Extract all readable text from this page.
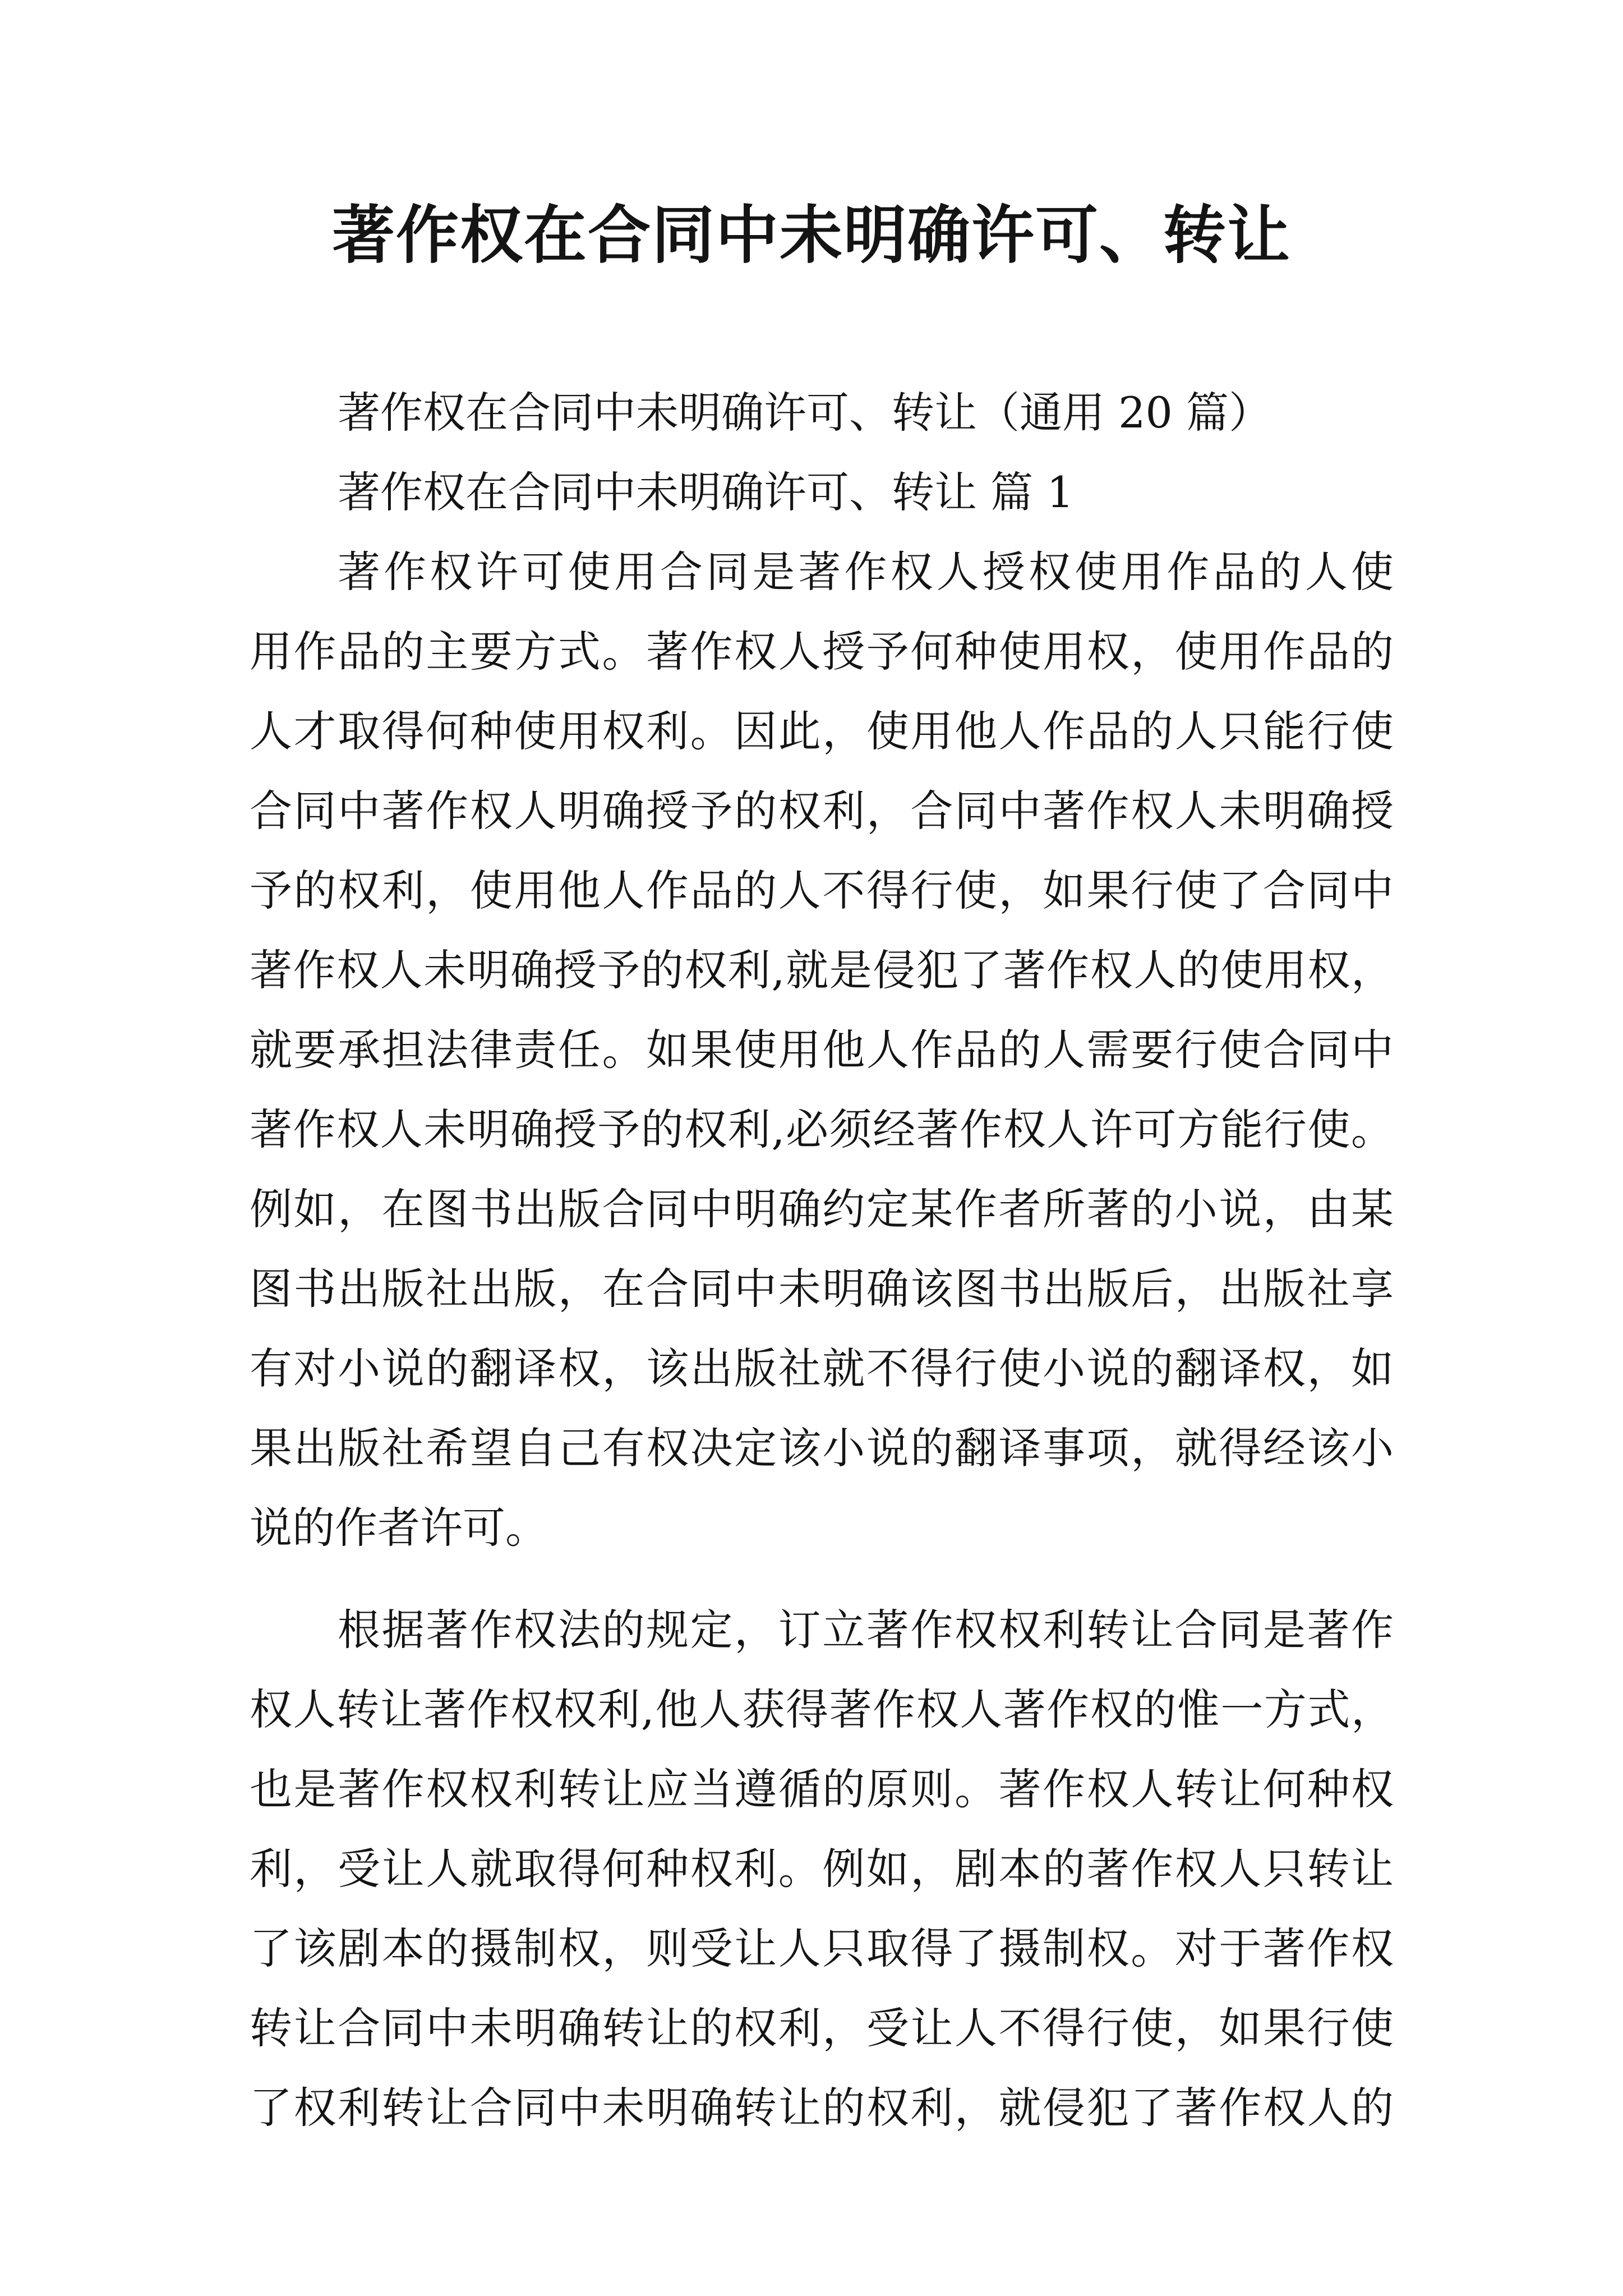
著作权在合同中未明确许可、转让
著作权在合同中未明确许可、转让（通用 20 篇）
著作权在合同中未明确许可、转让 篇 1
著作权许可使用合同是著作权人授权使用作品的人使
用作品的主要方式。著作权人授予何种使用权，使用作品的
人才取得何种使用权利。因此，使用他人作品的人只能行使
合同中著作权人明确授予的权利，合同中著作权人未明确授
予的权利，使用他人作品的人不得行使，如果行使了合同中
著作权人未明确授予的权利,就是侵犯了著作权人的使用权，
就要承担法律责任。如果使用他人作品的人需要行使合同中
著作权人未明确授予的权利,必须经著作权人许可方能行使。
例如，在图书出版合同中明确约定某作者所著的小说，由某
图书出版社出版，在合同中未明确该图书出版后，出版社享
有对小说的翻译权，该出版社就不得行使小说的翻译权，如
果出版社希望自己有权决定该小说的翻译事项，就得经该小
说的作者许可。
根据著作权法的规定，订立著作权权利转让合同是著作
权人转让著作权权利,他人获得著作权人著作权的惟一方式，
也是著作权权利转让应当遵循的原则。著作权人转让何种权
利，受让人就取得何种权利。例如，剧本的著作权人只转让
了该剧本的摄制权，则受让人只取得了摄制权。对于著作权
转让合同中未明确转让的权利，受让人不得行使，如果行使
了权利转让合同中未明确转让的权利，就侵犯了著作权人的
